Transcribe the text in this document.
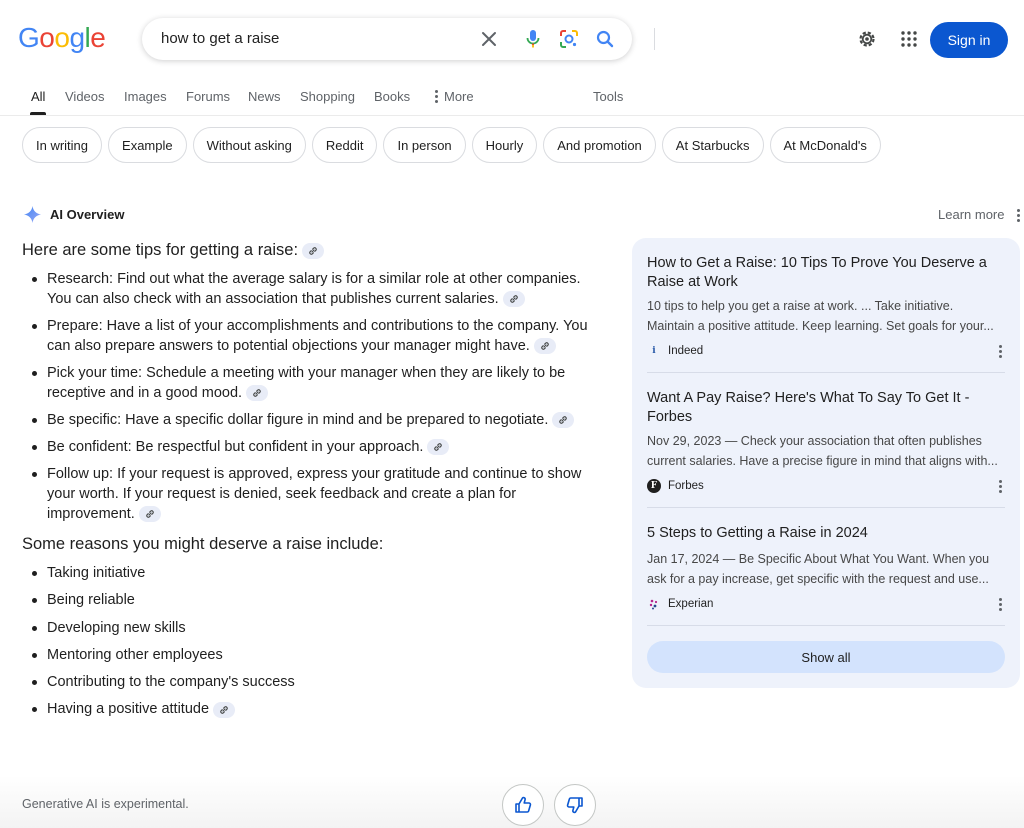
Google	how to get a raise	Sign in
All Videos Images Forums News Shopping Books	More	Tools
In writing	Example	Without asking	Reddit	In person	Hourly	And promotion	At Starbucks	At McDonald's
AI Overview	Learn more
Here are some tips for getting a raise:
Research: Find out what the average salary is for a similar role at other companies. You can also check with an association that publishes current salaries.
Prepare: Have a list of your accomplishments and contributions to the company. You can also prepare answers to potential objections your manager might have.
Pick your time: Schedule a meeting with your manager when they are likely to be receptive and in a good mood.
Be specific: Have a specific dollar figure in mind and be prepared to negotiate.
Be confident: Be respectful but confident in your approach.
Follow up: If your request is approved, express your gratitude and continue to show your worth. If your request is denied, seek feedback and create a plan for improvement.
Some reasons you might deserve a raise include:
Taking initiative
Being reliable
Developing new skills
Mentoring other employees
Contributing to the company's success
Having a positive attitude
How to Get a Raise: 10 Tips To Prove You Deserve a Raise at Work
10 tips to help you get a raise at work. ... Take initiative.
Maintain a positive attitude. Keep learning. Set goals for your...
i	Indeed
Want A Pay Raise? Here's What To Say To Get It - Forbes
Nov 29, 2023 — Check your association that often publishes
current salaries. Have a precise figure in mind that aligns with...
F Forbes
5 Steps to Getting a Raise in 2024
Jan 17, 2024 — Be Specific About What You Want. When you
ask for a pay increase, get specific with the request and use...
Experian
Show all
Generative AI is experimental.
